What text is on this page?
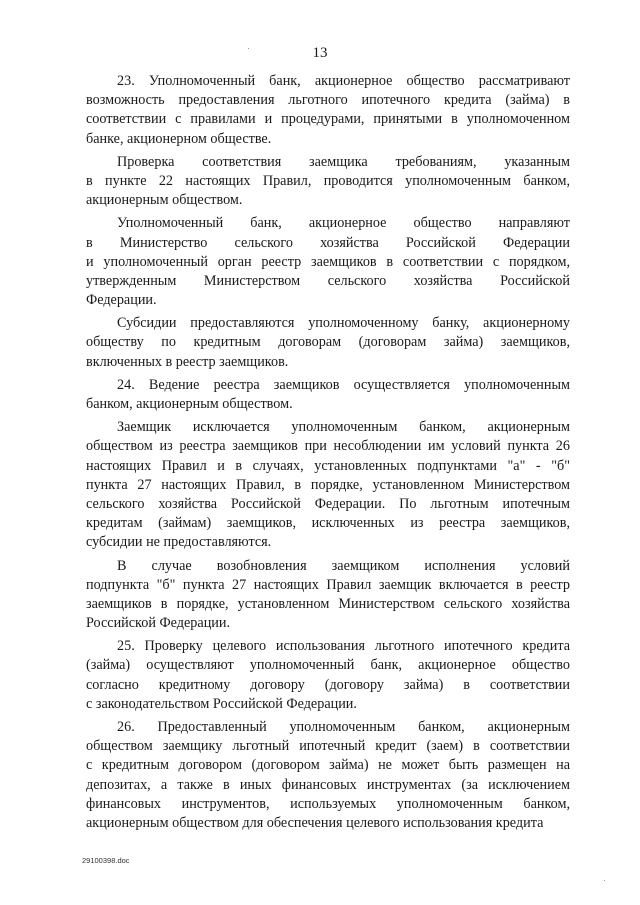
13
23. Уполномоченный банк, акционерное общество рассматривают
возможность предоставления льготного ипотечного кредита (займа) в
соответствии с правилами и процедурами, принятыми в уполномоченном
банке, акционерном обществе.
Проверка соответствия заемщика требованиям, указанным
в пункте 22 настоящих Правил, проводится уполномоченным банком,
акционерным обществом.
Уполномоченный банк, акционерное общество направляют
в Министерство сельского хозяйства Российской Федерации
и уполномоченный орган реестр заемщиков в соответствии с порядком,
утвержденным Министерством сельского хозяйства Российской
Федерации.
Субсидии предоставляются уполномоченному банку, акционерному
обществу по кредитным договорам (договорам займа) заемщиков,
включенных в реестр заемщиков.
24. Ведение реестра заемщиков осуществляется уполномоченным
банком, акционерным обществом.
Заемщик исключается уполномоченным банком, акционерным
обществом из реестра заемщиков при несоблюдении им условий пункта 26
настоящих Правил и в случаях, установленных подпунктами "а" - "б"
пункта 27 настоящих Правил, в порядке, установленном Министерством
сельского хозяйства Российской Федерации. По льготным ипотечным
кредитам (займам) заемщиков, исключенных из реестра заемщиков,
субсидии не предоставляются.
В случае возобновления заемщиком исполнения условий
подпункта "б" пункта 27 настоящих Правил заемщик включается в реестр
заемщиков в порядке, установленном Министерством сельского хозяйства
Российской Федерации.
25. Проверку целевого использования льготного ипотечного кредита
(займа) осуществляют уполномоченный банк, акционерное общество
согласно кредитному договору (договору займа) в соответствии
с законодательством Российской Федерации.
26. Предоставленный уполномоченным банком, акционерным
обществом заемщику льготный ипотечный кредит (заем) в соответствии
с кредитным договором (договором займа) не может быть размещен на
депозитах, а также в иных финансовых инструментах (за исключением
финансовых инструментов, используемых уполномоченным банком,
акционерным обществом для обеспечения целевого использования кредита
29100398.doc
